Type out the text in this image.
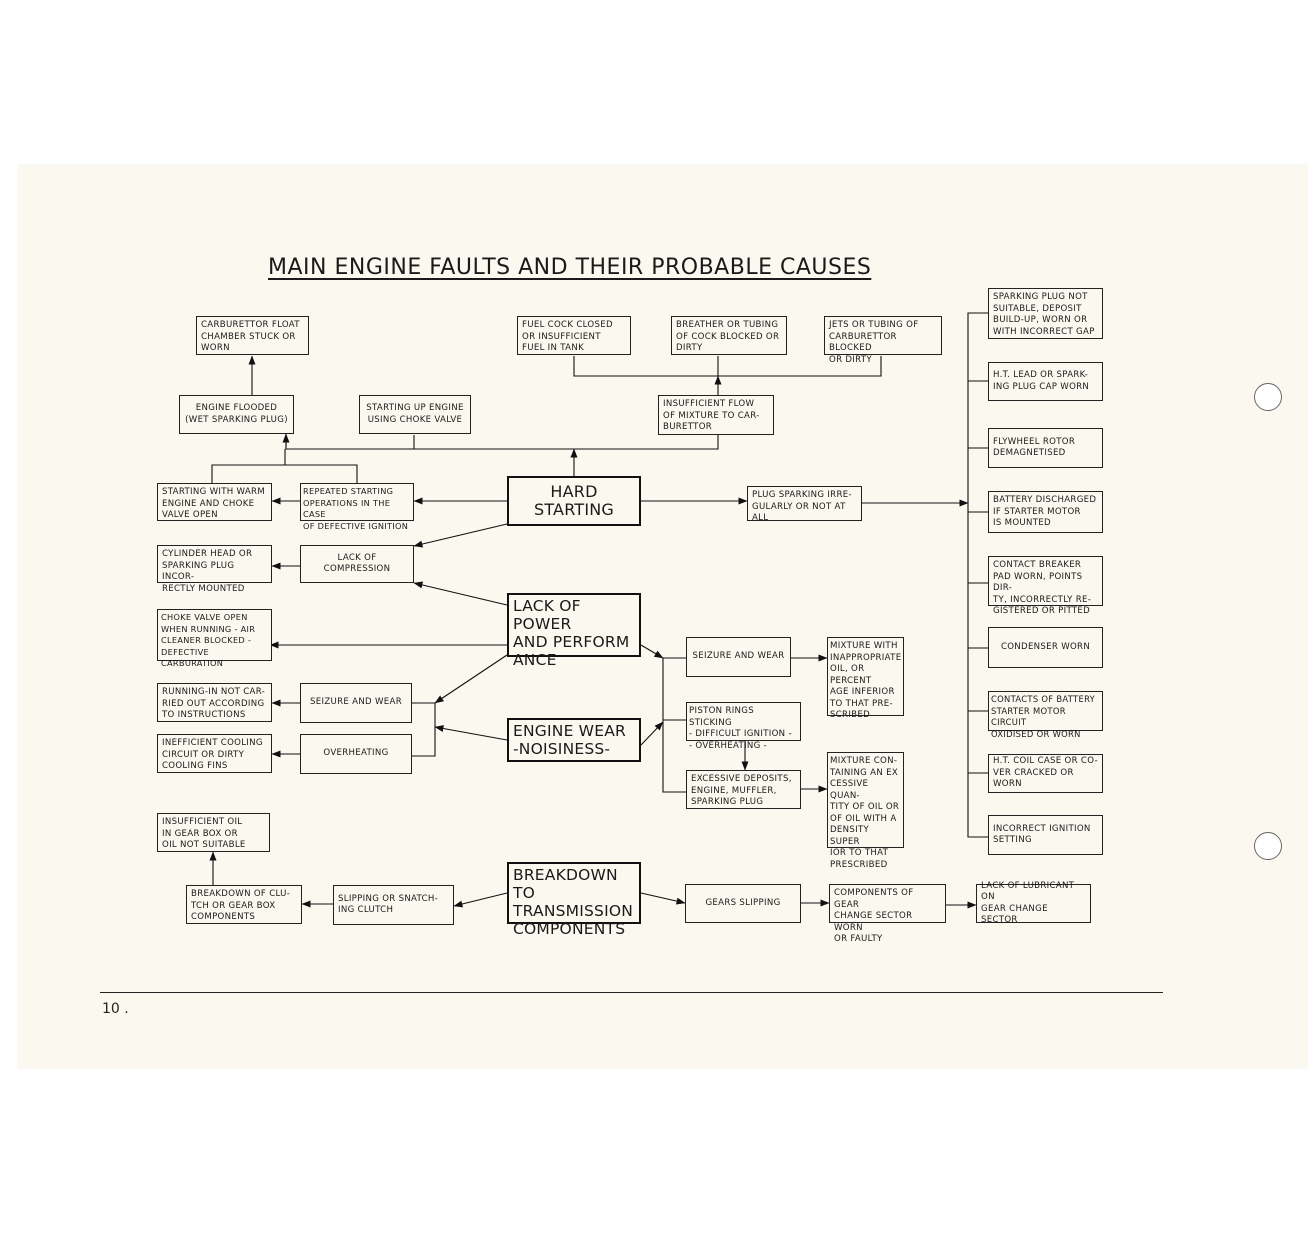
MAIN ENGINE FAULTS AND THEIR PROBABLE CAUSES
HARD
STARTING
LACK OF POWER
AND PERFORM
ANCE
ENGINE WEAR
-NOISINESS-
BREAKDOWN TO
TRANSMISSION
COMPONENTS
CARBURETTOR FLOAT
CHAMBER STUCK OR
WORN
FUEL COCK CLOSED
OR INSUFFICIENT
FUEL IN TANK
BREATHER OR TUBING
OF COCK BLOCKED OR
DIRTY
JETS OR TUBING OF
CARBURETTOR BLOCKED
OR DIRTY
ENGINE FLOODED
(WET SPARKING PLUG)
STARTING UP ENGINE
USING CHOKE VALVE
INSUFFICIENT FLOW
OF MIXTURE TO CAR-
BURETTOR
STARTING WITH WARM
ENGINE AND CHOKE
VALVE OPEN
REPEATED STARTING
OPERATIONS IN THE CASE
OF DEFECTIVE IGNITION
PLUG SPARKING IRRE-
GULARLY OR NOT AT ALL
CYLINDER HEAD OR
SPARKING PLUG INCOR-
RECTLY MOUNTED
LACK OF COMPRESSION
CHOKE VALVE OPEN
WHEN RUNNING - AIR
CLEANER BLOCKED -
DEFECTIVE CARBURATION
SEIZURE AND WEAR
MIXTURE WITH
INAPPROPRIATE
OIL, OR PERCENT
AGE INFERIOR
TO THAT PRE-
SCRIBED
RUNNING-IN NOT CAR-
RIED OUT ACCORDING
TO INSTRUCTIONS
SEIZURE AND WEAR
PISTON RINGS STICKING
- DIFFICULT IGNITION -
- OVERHEATING -
INEFFICIENT COOLING
CIRCUIT OR DIRTY
COOLING FINS
OVERHEATING
EXCESSIVE DEPOSITS,
ENGINE, MUFFLER,
SPARKING PLUG
MIXTURE CON-
TAINING AN EX
CESSIVE QUAN-
TITY OF OIL OR
OF OIL WITH A
DENSITY SUPER
IOR TO THAT
PRESCRIBED
INSUFFICIENT OIL
IN GEAR BOX OR
OIL NOT SUITABLE
BREAKDOWN OF CLU-
TCH OR GEAR BOX
COMPONENTS
SLIPPING OR SNATCH-
ING CLUTCH
GEARS SLIPPING
COMPONENTS OF GEAR
CHANGE SECTOR WORN
OR FAULTY
LACK OF LUBRICANT ON
GEAR CHANGE SECTOR
SPARKING PLUG NOT
SUITABLE, DEPOSIT
BUILD-UP, WORN OR
WITH INCORRECT GAP
H.T. LEAD OR SPARK-
ING PLUG CAP WORN
FLYWHEEL ROTOR
DEMAGNETISED
BATTERY DISCHARGED
IF STARTER MOTOR
IS MOUNTED
CONTACT BREAKER
PAD WORN, POINTS DIR-
TY, INCORRECTLY RE-
GISTERED OR PITTED
CONDENSER WORN
CONTACTS OF BATTERY
STARTER MOTOR CIRCUIT
OXIDISED OR WORN
H.T. COIL CASE OR CO-
VER CRACKED OR WORN
INCORRECT IGNITION
SETTING
10 .
